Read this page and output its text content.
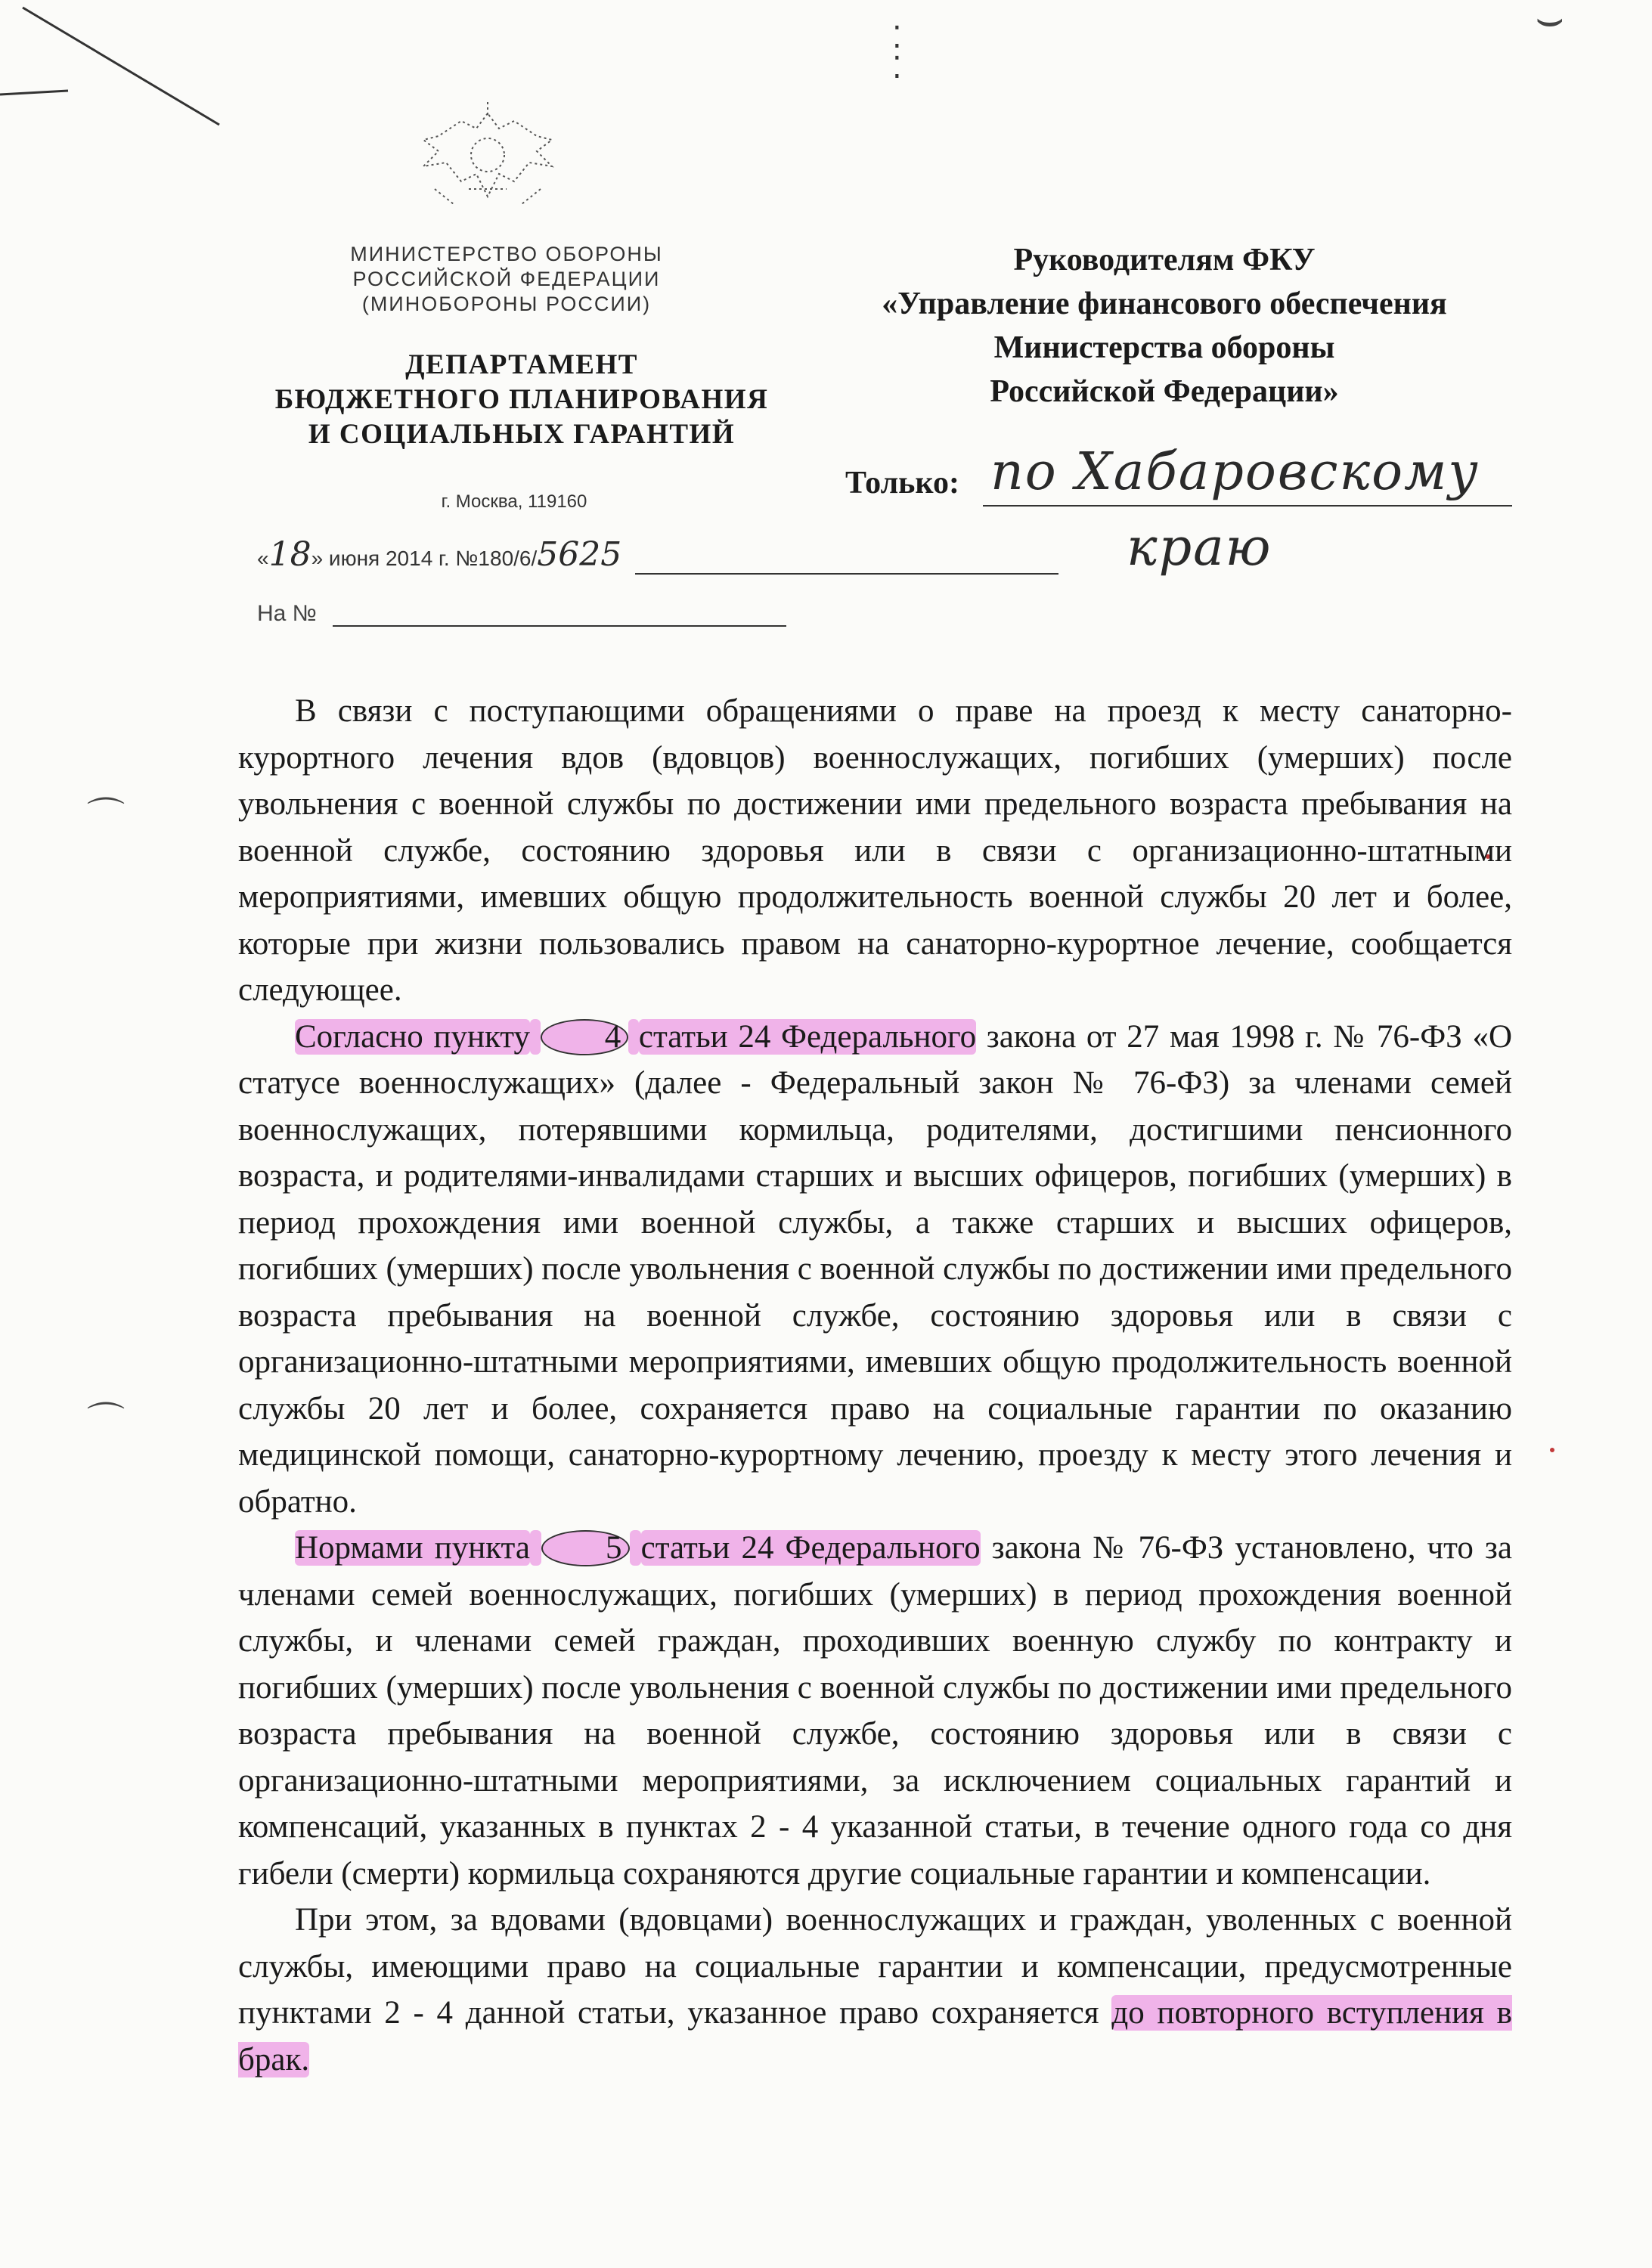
⁚
⁚
⌣
⌒
⌒
МИНИСТЕРСТВО ОБОРОНЫ
РОССИЙСКОЙ ФЕДЕРАЦИИ
(МИНОБОРОНЫ РОССИИ)
ДЕПАРТАМЕНТ
БЮДЖЕТНОГО ПЛАНИРОВАНИЯ
И СОЦИАЛЬНЫХ ГАРАНТИЙ
г. Москва, 119160
«18» июня 2014 г. №180/6/5625
На №
Руководителям ФКУ
«Управление финансового обеспечения
Министерства обороны
Российской Федерации»
Только: по Хабаровскому
краю

В связи с поступающими обращениями о праве на проезд к месту санаторно-курортного лечения вдов (вдовцов) военнослужащих, погибших (умерших) после увольнения с военной службы по достижении ими предельного возраста пребывания на военной службе, состоянию здоровья или в связи с организационно-штатными мероприятиями, имевших общую продолжительность военной службы 20 лет и более, которые при жизни пользовались правом на санаторно-курортное лечение, сообщается следующее.

Согласно пункту 4 статьи 24 Федерального закона от 27 мая 1998 г. № 76-ФЗ «О статусе военнослужащих» (далее - Федеральный закон № 76-ФЗ) за членами семей военнослужащих, потерявшими кормильца, родителями, достигшими пенсионного возраста, и родителями-инвалидами старших и высших офицеров, погибших (умерших) в период прохождения ими военной службы, а также старших и высших офицеров, погибших (умерших) после увольнения с военной службы по достижении ими предельного возраста пребывания на военной службе, состоянию здоровья или в связи с организационно-штатными мероприятиями, имевших общую продолжительность военной службы 20 лет и более, сохраняется право на социальные гарантии по оказанию медицинской помощи, санаторно-курортному лечению, проезду к месту этого лечения и обратно.

Нормами пункта 5 статьи 24 Федерального закона № 76-ФЗ установлено, что за членами семей военнослужащих, погибших (умерших) в период прохождения военной службы, и членами семей граждан, проходивших военную службу по контракту и погибших (умерших) после увольнения с военной службы по достижении ими предельного возраста пребывания на военной службе, состоянию здоровья или в связи с организационно-штатными мероприятиями, за исключением социальных гарантий и компенсаций, указанных в пунктах 2 - 4 указанной статьи, в течение одного года со дня гибели (смерти) кормильца сохраняются другие социальные гарантии и компенсации.

При этом, за вдовами (вдовцами) военнослужащих и граждан, уволенных с военной службы, имеющими право на социальные гарантии и компенсации, предусмотренные пунктами 2 - 4 данной статьи, указанное право сохраняется до повторного вступления в брак.
